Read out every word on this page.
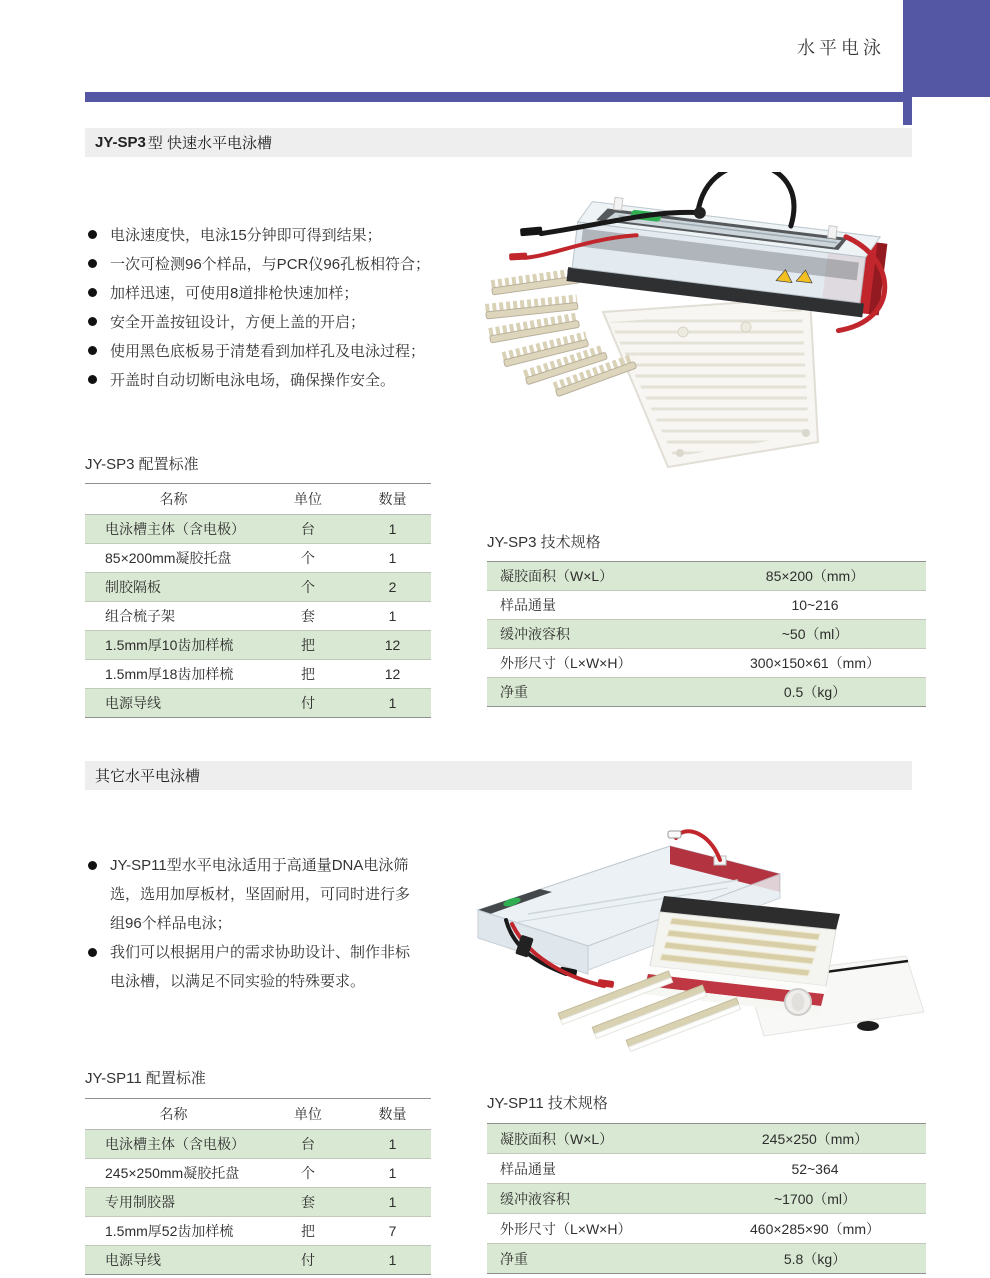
水平电泳
JY-SP3 型 快速水平电泳槽
电泳速度快，电泳15分钟即可得到结果；
一次可检测96个样品，与PCR仪96孔板相符合；
加样迅速，可使用8道排枪快速加样；
安全开盖按钮设计，方便上盖的开启；
使用黑色底板易于清楚看到加样孔及电泳过程；
开盖时自动切断电泳电场，确保操作安全。
JY-SP3 配置标准
名称	单位	数量
电泳槽主体（含电极）	台	1
85×200mm凝胶托盘	个	1
制胶隔板	个	2
组合梳子架	套	1
1.5mm厚10齿加样梳	把	12
1.5mm厚18齿加样梳	把	12
电源导线	付	1
JY-SP3 技术规格
凝胶面积（W×L）	85×200（mm）
样品通量	10~216
缓冲液容积	~50（ml）
外形尺寸（L×W×H）	300×150×61（mm）
净重	0.5（kg）
其它水平电泳槽
JY-SP11型水平电泳适用于高通量DNA电泳筛选，选用加厚板材，坚固耐用，可同时进行多组96个样品电泳；
我们可以根据用户的需求协助设计、制作非标电泳槽，以满足不同实验的特殊要求。
JY-SP11 配置标准
名称	单位	数量
电泳槽主体（含电极）	台	1
245×250mm凝胶托盘	个	1
专用制胶器	套	1
1.5mm厚52齿加样梳	把	7
电源导线	付	1
JY-SP11 技术规格
凝胶面积（W×L）	245×250（mm）
样品通量	52~364
缓冲液容积	~1700（ml）
外形尺寸（L×W×H）	460×285×90（mm）
净重	5.8（kg）
